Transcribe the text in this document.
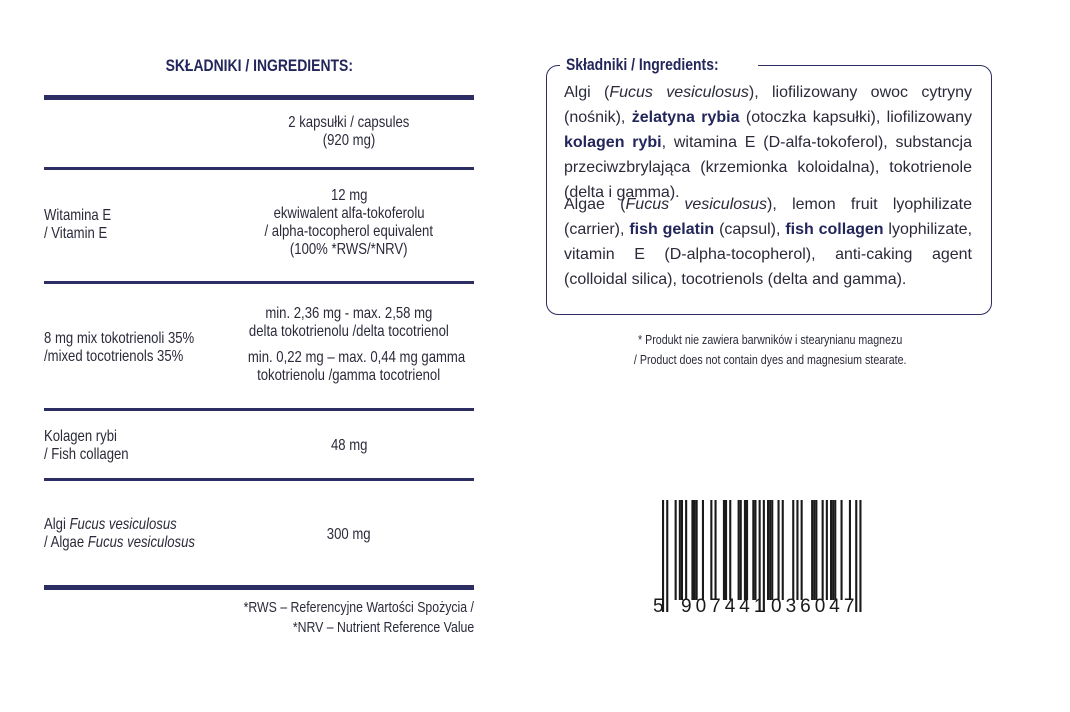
SKŁADNIKI / INGREDIENTS:
2 kapsułki / capsules
(920 mg)
Witamina E
/ Vitamin E
12 mg
ekwiwalent alfa-tokoferolu
/ alpha-tocopherol equivalent
(100% *RWS/*NRV)
8 mg mix tokotrienoli 35%
/mixed tocotrienols 35%
min. 2,36 mg - max. 2,58 mg
delta tokotrienolu /delta tocotrienol
min. 0,22 mg – max. 0,44 mg gamma
tokotrienolu /gamma tocotrienol
Kolagen rybi
/ Fish collagen
48 mg
Algi Fucus vesiculosus
/ Algae Fucus vesiculosus	300 mg
*RWS – Referencyjne Wartości Spożycia /
*NRV – Nutrient Reference Value
Składniki / Ingredients:
Algi (Fucus vesiculosus), liofilizowany owoc cytryny (nośnik), żelatyna rybia (otoczka kapsułki), liofilizowany kolagen rybi, witamina E (D-alfa-tokoferol), substancja przeciwzbrylająca (krzemionka koloidalna), tokotrienole (delta i gamma).
Algae (Fucus vesiculosus), lemon fruit lyophilizate (carrier), fish gelatin (capsul), fish collagen lyophilizate, vitamin E (D-alpha-tocopherol), anti-caking agent (colloidal silica), tocotrienols (delta and gamma).
* Produkt nie zawiera barwników i stearynianu magnezu
/ Product does not contain dyes and magnesium stearate.
5 907441 036047
